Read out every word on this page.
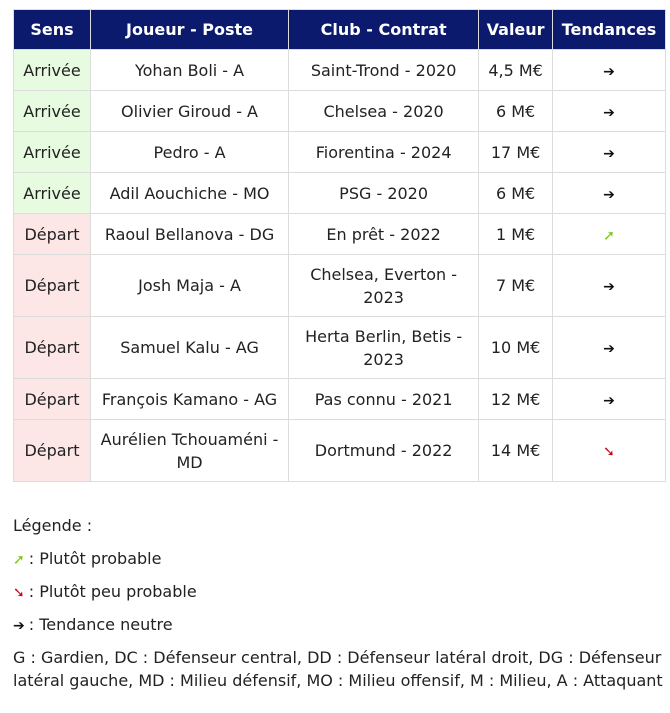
Sens	Joueur - Poste	Club - Contrat	Valeur	Tendances
Arrivée	Yohan Boli - A	Saint-Trond - 2020	4,5 M€	➔
Arrivée	Olivier Giroud - A	Chelsea - 2020	6 M€	➔
Arrivée	Pedro - A	Fiorentina - 2024	17 M€	➔
Arrivée	Adil Aouchiche - MO	PSG - 2020	6 M€	➔
Départ	Raoul Bellanova - DG	En prêt - 2022	1 M€	➚
Départ	Josh Maja - A	Chelsea, Everton - 2023	7 M€	➔
Départ	Samuel Kalu - AG	Herta Berlin, Betis - 2023	10 M€	➔
Départ	François Kamano - AG	Pas connu - 2021	12 M€	➔
Départ	Aurélien Tchouaméni - MD	Dortmund - 2022	14 M€	➘

Légende :

➚ : Plutôt probable

➘ : Plutôt peu probable

➔ : Tendance neutre

G : Gardien, DC : Défenseur central, DD : Défenseur latéral droit, DG : Défenseur latéral gauche, MD : Milieu défensif, MO : Milieu offensif, M : Milieu, A : Attaquant
